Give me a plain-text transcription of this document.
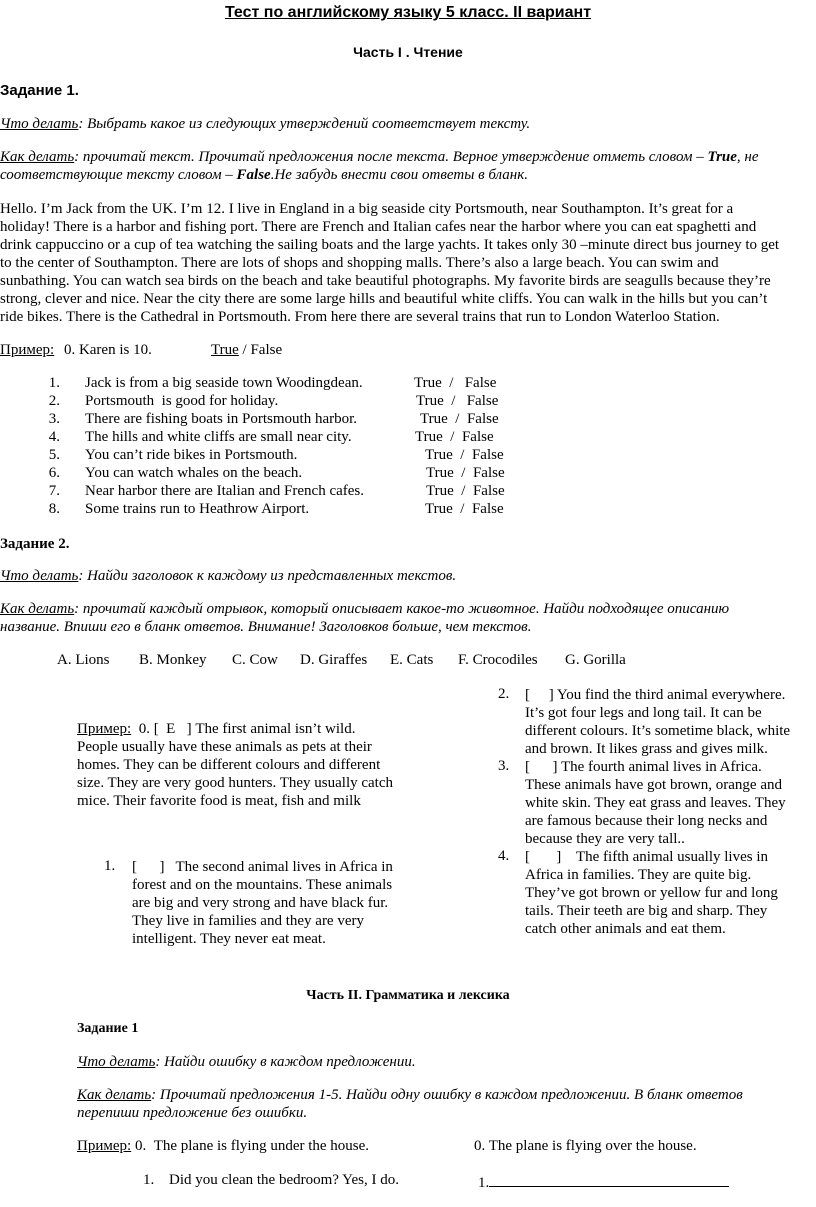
Тест по английскому языку 5 класс. II вариант
Часть I . Чтение
Задание 1.
Что делать: Выбрать какое из следующих утверждений соответствует тексту.
Как делать: прочитай текст. Прочитай предложения после текста. Верное утверждение отметь словом – True, не
соответствующие тексту словом – False.Не забудь внести свои ответы в бланк.
Hello. I’m Jack from the UK. I’m 12. I live in England in a big seaside city Portsmouth, near Southampton. It’s great for a
holiday! There is a harbor and fishing port. There are French and Italian cafes near the harbor where you can eat spaghetti and
drink cappuccino or a cup of tea watching the sailing boats and the large yachts. It takes only 30 –minute direct bus journey to get
to the center of Southampton. There are lots of shops and shopping malls. There’s also a large beach. You can swim and
sunbathing. You can watch sea birds on the beach and take beautiful photographs. My favorite birds are seagulls because they’re
strong, clever and nice. Near the city there are some large hills and beautiful white cliffs. You can walk in the hills but you can’t
ride bikes. There is the Cathedral in Portsmouth. From here there are several trains that run to London Waterloo Station.
Пример: 0. Karen is 10.	True / False
1. Jack is from a big seaside town Woodingdean.	True  /   False
2. Portsmouth  is good for holiday.	True  /   False
3. There are fishing boats in Portsmouth harbor.	True  /  False
4. The hills and white cliffs are small near city.	True  /  False
5. You can’t ride bikes in Portsmouth.	True  /  False
6. You can watch whales on the beach.	True  /  False
7. Near harbor there are Italian and French cafes.	True  /  False
8. Some trains run to Heathrow Airport.	True  /  False
Задание 2.
Что делать: Найди заголовок к каждому из представленных текстов.
Как делать: прочитай каждый отрывок, который описывает какое-то животное. Найди подходящее описанию
название. Впиши его в бланк ответов. Внимание! Заголовков больше, чем текстов.
A. Lions B. Monkey C. Cow D. Giraffes E. Cats F. Crocodiles G. Gorilla
Пример:  0. [  E   ] The first animal isn’t wild.
People usually have these animals as pets at their
homes. They can be different colours and different
size. They are very good hunters. They usually catch
mice. Their favorite food is meat, fish and milk
1. [      ]   The second animal lives in Africa in
forest and on the mountains. These animals
are big and very strong and have black fur.
They live in families and they are very
intelligent. They never eat meat.
2. [     ] You find the third animal everywhere.
It’s got four legs and long tail. It can be
different colours. It’s sometime black, white
and brown. It likes grass and gives milk.
3. [      ] The fourth animal lives in Africa.
These animals have got brown, orange and
white skin. They eat grass and leaves. They
are famous because their long necks and
because they are very tall..
4. [       ]    The fifth animal usually lives in
Africa in families. They are quite big.
They’ve got brown or yellow fur and long
tails. Their teeth are big and sharp. They
catch other animals and eat them.
Часть II. Грамматика и лексика
Задание 1
Что делать: Найди ошибку в каждом предложении.
Как делать: Прочитай предложения 1-5. Найди одну ошибку в каждом предложении. В бланк ответов
перепиши предложение без ошибки.
Пример: 0.  The plane is flying under the house.	0. The plane is flying over the house.
1. Did you clean the bedroom? Yes, I do.	1.
